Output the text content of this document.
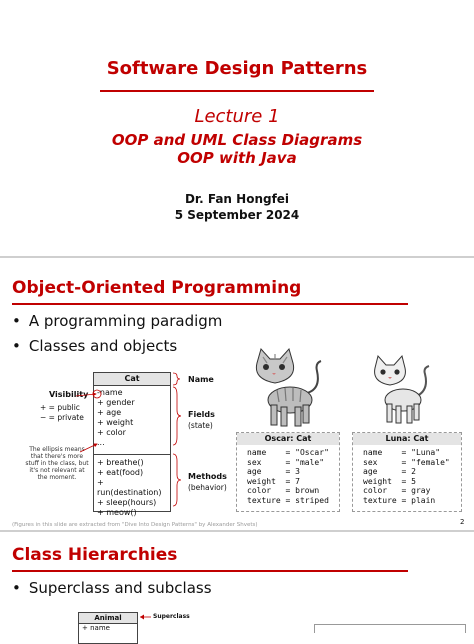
Software Design Patterns
Lecture 1
OOP and UML Class Diagrams
OOP with Java
Dr. Fan Hongfei
5 September 2024
Object-Oriented Programming
• A programming paradigm
• Classes and objects
Visibility
+ = public
− = private
The ellipsis means that there's more stuff in the class, but it's not relevant at the moment.
Cat
-name
+ gender
+ age
+ weight
+ color
...
+ breathe()
+ eat(food)
+ run(destination)
+ sleep(hours)
+ meow()
Name
Fields
(state)
Methods
(behavior)
Oscar: Cat
name    = "Oscar"
sex     = "male"
age     = 3
weight  = 7
color   = brown
texture = striped
Luna: Cat
name    = "Luna"
sex     = "female"
age     = 2
weight  = 5
color   = gray
texture = plain
(Figures in this slide are extracted from "Dive Into Design Patterns" by Alexander Shvets)	2
Class Hierarchies
• Superclass and subclass
Animal
+ name
Superclass
